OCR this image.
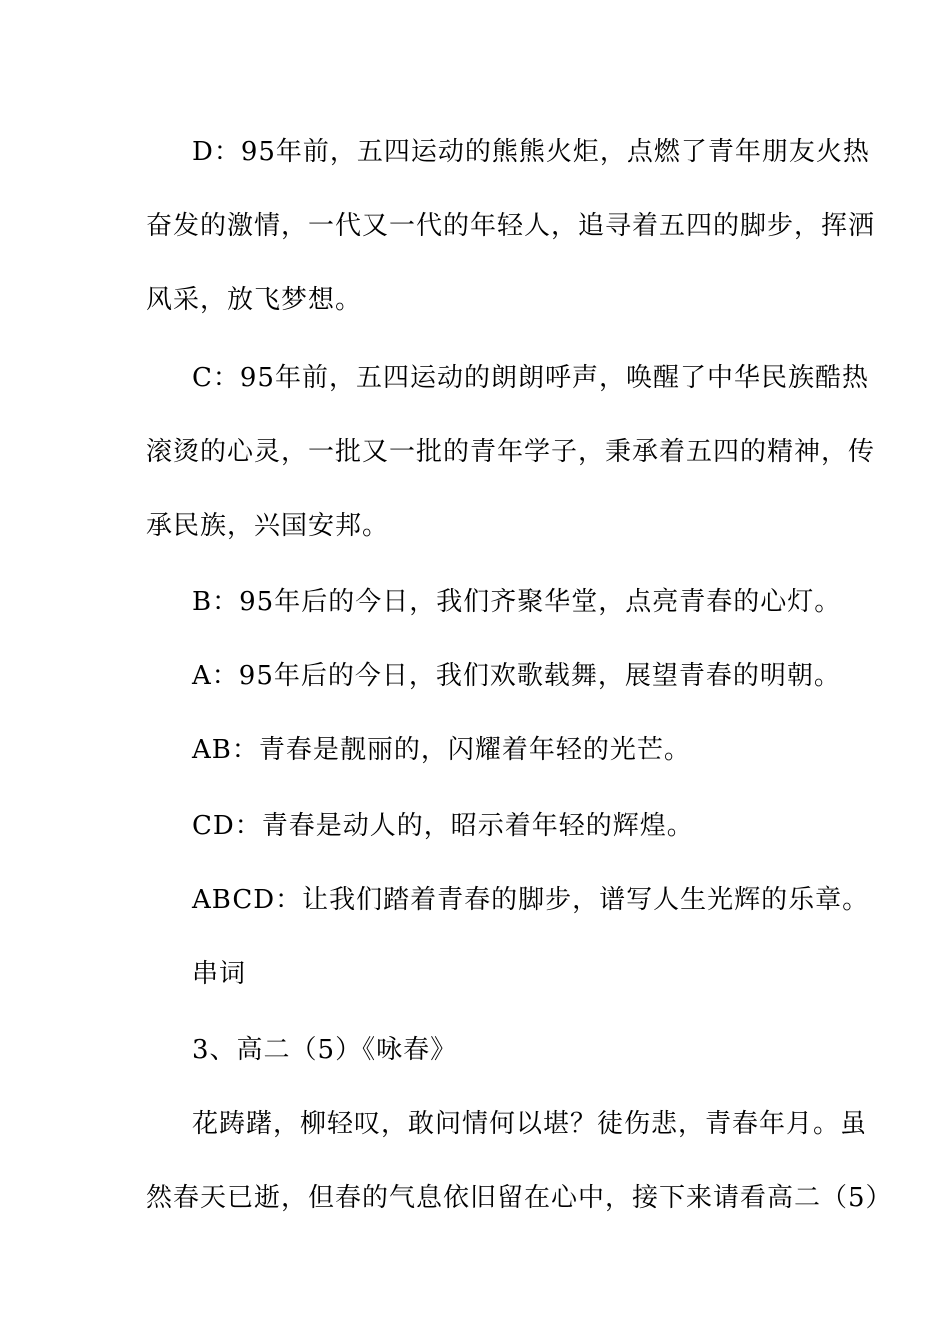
D：95年前，五四运动的熊熊火炬，点燃了青年朋友火热
奋发的激情，一代又一代的年轻人，追寻着五四的脚步，挥洒
风采，放飞梦想。
C：95年前，五四运动的朗朗呼声，唤醒了中华民族酷热
滚烫的心灵，一批又一批的青年学子，秉承着五四的精神，传
承民族，兴国安邦。
B：95年后的今日，我们齐聚华堂，点亮青春的心灯。
A：95年后的今日，我们欢歌载舞，展望青春的明朝。
AB：青春是靓丽的，闪耀着年轻的光芒。
CD：青春是动人的，昭示着年轻的辉煌。
ABCD：让我们踏着青春的脚步，谱写人生光辉的乐章。
串词
3、高二（5）《咏春》
花踌躇，柳轻叹，敢问情何以堪？徒伤悲，青春年月。虽
然春天已逝，但春的气息依旧留在心中，接下来请看高二（5）
